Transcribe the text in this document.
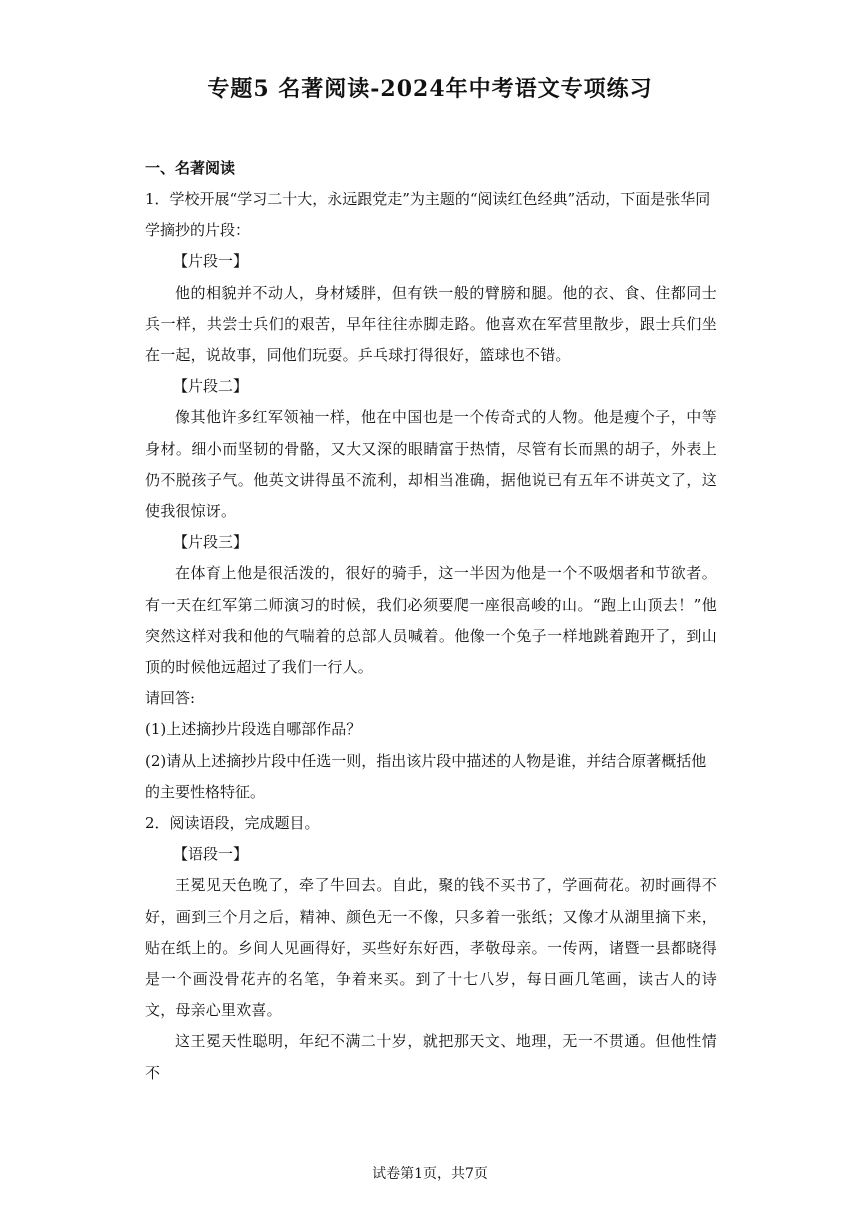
专题5 名著阅读-2024年中考语文专项练习
一、名著阅读

1．学校开展“学习二十大，永远跟党走”为主题的“阅读红色经典”活动，下面是张华同学摘抄的片段：

【片段一】

他的相貌并不动人，身材矮胖，但有铁一般的臂膀和腿。他的衣、食、住都同士兵一样，共尝士兵们的艰苦，早年往往赤脚走路。他喜欢在军营里散步，跟士兵们坐在一起，说故事，同他们玩耍。乒乓球打得很好，篮球也不错。

【片段二】

像其他许多红军领袖一样，他在中国也是一个传奇式的人物。他是瘦个子，中等身材。细小而坚韧的骨骼，又大又深的眼睛富于热情，尽管有长而黑的胡子，外表上仍不脱孩子气。他英文讲得虽不流利，却相当准确，据他说已有五年不讲英文了，这使我很惊讶。

【片段三】

在体育上他是很活泼的，很好的骑手，这一半因为他是一个不吸烟者和节欲者。有一天在红军第二师演习的时候，我们必须要爬一座很高峻的山。“跑上山顶去！”他突然这样对我和他的气喘着的总部人员喊着。他像一个兔子一样地跳着跑开了，到山顶的时候他远超过了我们一行人。

请回答:

(1)上述摘抄片段选自哪部作品？

(2)请从上述摘抄片段中任选一则，指出该片段中描述的人物是谁，并结合原著概括他的主要性格特征。

2．阅读语段，完成题目。

【语段一】

王冕见天色晚了，牵了牛回去。自此，聚的钱不买书了，学画荷花。初时画得不好，画到三个月之后，精神、颜色无一不像，只多着一张纸；又像才从湖里摘下来，贴在纸上的。乡间人见画得好，买些好东好西，孝敬母亲。一传两，诸暨一县都晓得是一个画没骨花卉的名笔，争着来买。到了十七八岁，每日画几笔画，读古人的诗文，母亲心里欢喜。

这王冕天性聪明，年纪不满二十岁，就把那天文、地理，无一不贯通。但他性情不

试卷第1页，共7页
